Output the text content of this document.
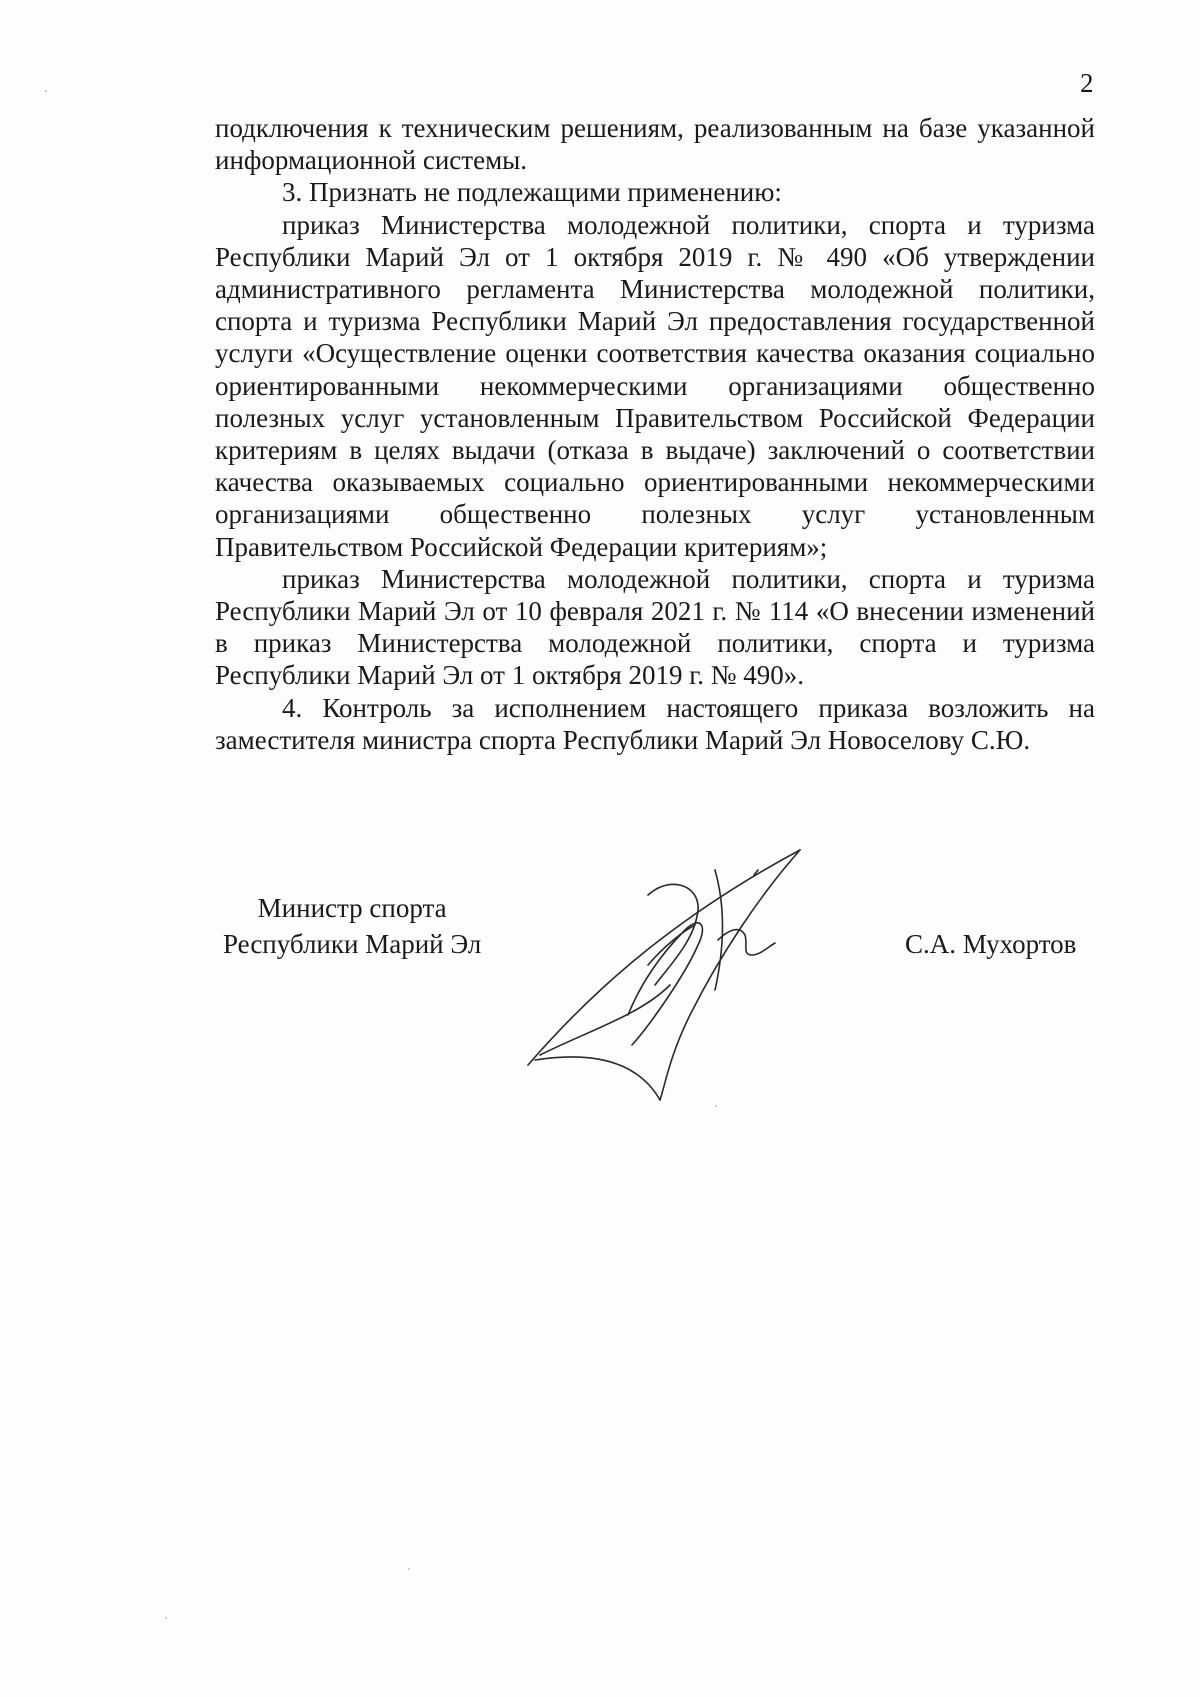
2

подключения к техническим решениям, реализованным на базе указанной информационной системы.

3. Признать не подлежащими применению:

приказ Министерства молодежной политики, спорта и туризма Республики Марий Эл от 1 октября 2019 г. № 490 «Об утверждении административного регламента Министерства молодежной политики, спорта и туризма Республики Марий Эл предоставления государственной услуги «Осуществление оценки соответствия качества оказания социально ориентированными некоммерческими организациями общественно полезных услуг установленным Правительством Российской Федерации критериям в целях выдачи (отказа в выдаче) заключений о соответствии качества оказываемых социально ориентированными некоммерческими организациями общественно полезных услуг установленным Правительством Российской Федерации критериям»;

приказ Министерства молодежной политики, спорта и туризма Республики Марий Эл от 10 февраля 2021 г. № 114 «О внесении изменений в приказ Министерства молодежной политики, спорта и туризма Республики Марий Эл от 1 октября 2019 г. № 490».

4. Контроль за исполнением настоящего приказа возложить на заместителя министра спорта Республики Марий Эл Новоселову С.Ю.

Министр спорта
Республики Марий Эл	С.А. Мухортов
